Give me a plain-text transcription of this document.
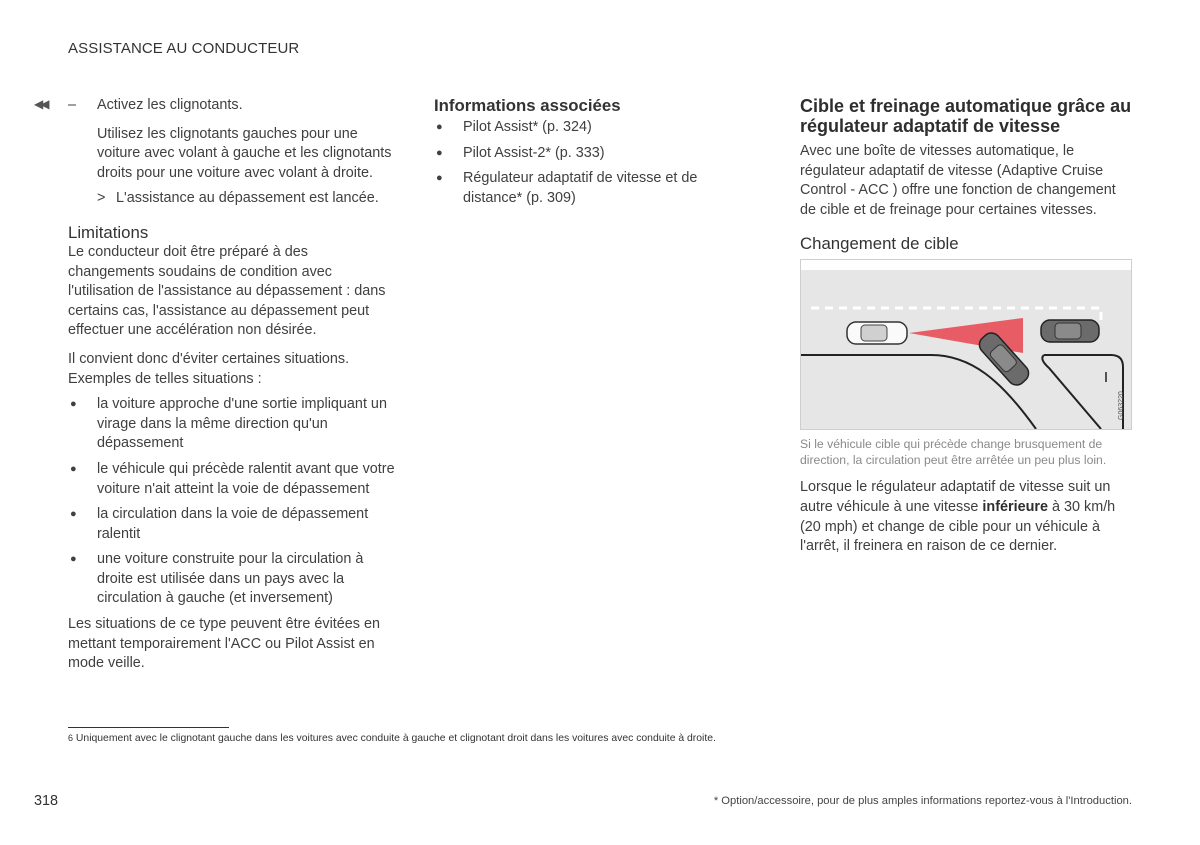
ASSISTANCE AU CONDUCTEUR
◀◀ – Activez les clignotants.

Utilisez les clignotants gauches pour une voiture avec volant à gauche et les clignotants droits pour une voiture avec volant à droite.

> L'assistance au dépassement est lancée.

Limitations

Le conducteur doit être préparé à des changements soudains de condition avec l'utilisation de l'assistance au dépassement : dans certains cas, l'assistance au dépassement peut effectuer une accélération non désirée.

Il convient donc d'éviter certaines situations. Exemples de telles situations :

● la voiture approche d'une sortie impliquant un virage dans la même direction qu'un dépassement
● le véhicule qui précède ralentit avant que votre voiture n'ait atteint la voie de dépassement
● la circulation dans la voie de dépassement ralentit
● une voiture construite pour la circulation à droite est utilisée dans un pays avec la circulation à gauche (et inversement)

Les situations de ce type peuvent être évitées en mettant temporairement l'ACC ou Pilot Assist en mode veille.

Informations associées
● Pilot Assist* (p. 324)
● Pilot Assist-2* (p. 333)
● Régulateur adaptatif de vitesse et de distance* (p. 309)
Cible et freinage automatique grâce au régulateur adaptatif de vitesse

Avec une boîte de vitesses automatique, le régulateur adaptatif de vitesse (Adaptive Cruise Control - ACC ) offre une fonction de changement de cible et de freinage pour certaines vitesses.

Changement de cible
G063220

Si le véhicule cible qui précède change brusquement de direction, la circulation peut être arrêtée un peu plus loin.

Lorsque le régulateur adaptatif de vitesse suit un autre véhicule à une vitesse inférieure à 30 km/h (20 mph) et change de cible pour un véhicule à l'arrêt, il freinera en raison de ce dernier.

$^6$ Uniquement avec le clignotant gauche dans les voitures avec conduite à gauche et clignotant droit dans les voitures avec conduite à droite.
318	* Option/accessoire, pour de plus amples informations reportez-vous à l'Introduction.
